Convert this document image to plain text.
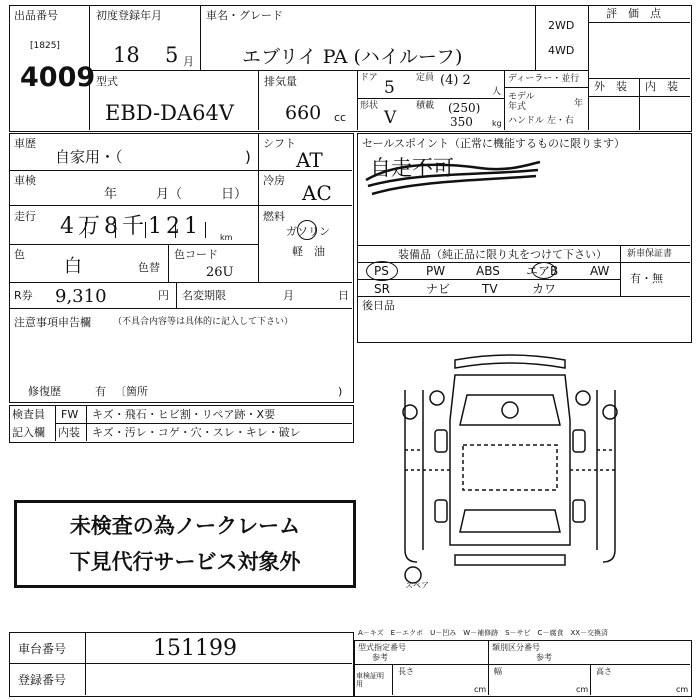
出品番号
[1825]
4009
初度登録年月
18 5 月
車名・グレード
エブリイ PA (ハイルーフ)
2WD
4WD
評　価　点
型式
EBD-DA64V
排気量
660 cc
ドア 5 定員 (4) 2
人
形状
V
積載 (250)
350 kg
ディーラー・並行
モデル年式	年
ハンドル 左・右
外　装 内　装
車歴
自家用・（	)
車検
年　　　月（　　　日）
走行 4万8千121 km
色
白	色替
色コード
26U
R券 9,310	円 名変期限	月	日
注意事項申告欄 （不具合内容等は具体的に記入して下さい）
修復歴	有 〔箇所	)
シフト
AT
冷房
AC
燃料
ガソリン
軽　油
セールスポイント（正常に機能するものに限ります）
自走不可
装備品（純正品に限り丸をつけて下さい） 新車保証書
有・無
PS	PW	ABS エアB	AW
SR	ナビ	TV	カワ
後日品
検査員
記入欄
FW キズ・飛石・ヒビ割・リペア跡・X要
内装 キズ・汚レ・コゲ・穴・スレ・キレ・破レ
未検査の為ノークレーム
下見代行サービス対象外
スペア
車台番号	151199
登録番号
A－キズ　E－エクボ　U－凹み　W－補修跡　S－サビ　C－腐食　XX－交換済
型式指定番号
参考
類別区分番号
参考
車検証明用
長さ
cm
幅
cm
高さ
cm
